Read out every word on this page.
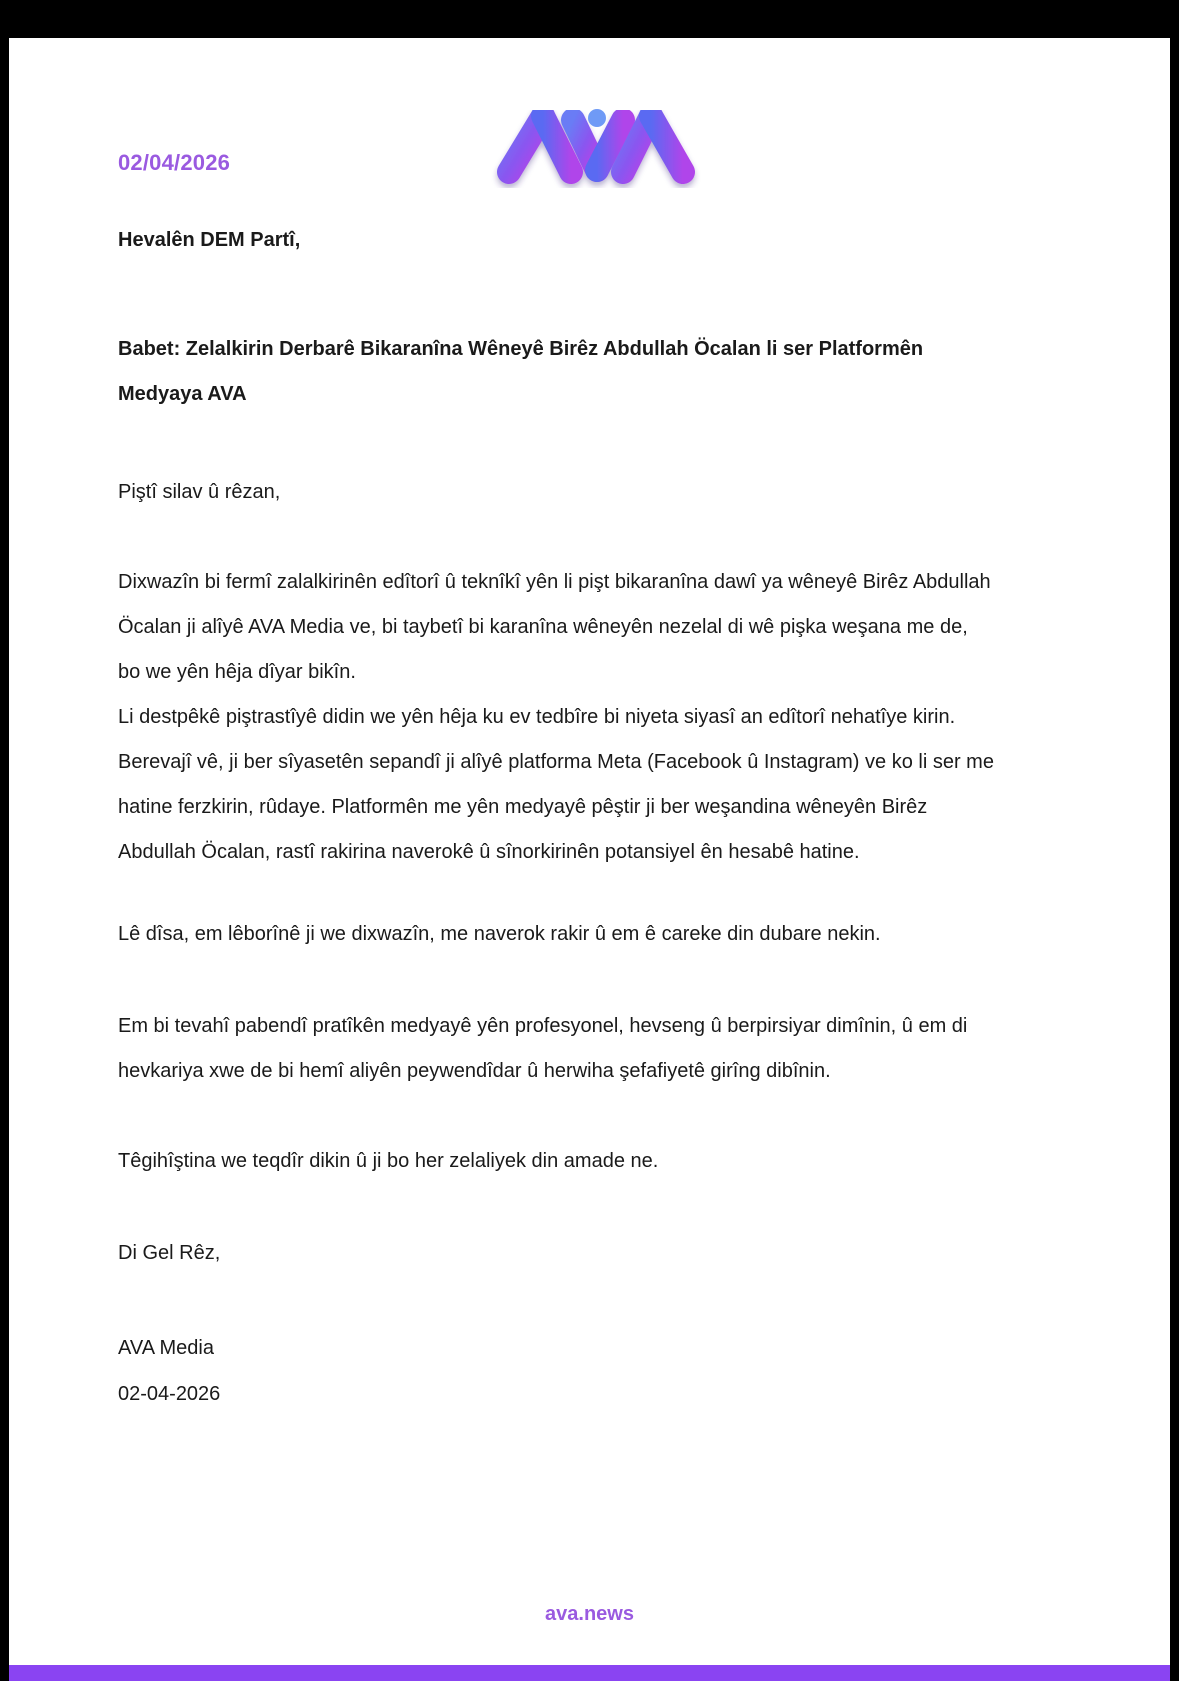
02/04/2026
Hevalên DEM Partî,
Babet: Zelalkirin Derbarê Bikaranîna Wêneyê Birêz Abdullah Öcalan li ser Platformên
Medyaya AVA
Piştî silav û rêzan,
Dixwazîn bi fermî zalalkirinên edîtorî û teknîkî yên li pişt bikaranîna dawî ya wêneyê Birêz Abdullah
Öcalan ji alîyê AVA Media ve, bi taybetî bi karanîna wêneyên nezelal di wê pişka weşana me de,
bo we yên hêja dîyar bikîn.
Li destpêkê piştrastîyê didin we yên hêja ku ev tedbîre bi niyeta siyasî an edîtorî nehatîye kirin.
Berevajî vê, ji ber sîyasetên sepandî ji alîyê platforma Meta (Facebook û Instagram) ve ko li ser me
hatine ferzkirin, rûdaye. Platformên me yên medyayê pêştir ji ber weşandina wêneyên Birêz
Abdullah Öcalan, rastî rakirina naverokê û sînorkirinên potansiyel ên hesabê hatine.
Lê dîsa, em lêborînê ji we dixwazîn, me naverok rakir û em ê careke din dubare nekin.
Em bi tevahî pabendî pratîkên medyayê yên profesyonel, hevseng û berpirsiyar dimînin, û em di
hevkariya xwe de bi hemî aliyên peywendîdar û herwiha şefafiyetê girîng dibînin.
Têgihîştina we teqdîr dikin û ji bo her zelaliyek din amade ne.
Di Gel Rêz,
AVA Media
02-04-2026
ava.news
